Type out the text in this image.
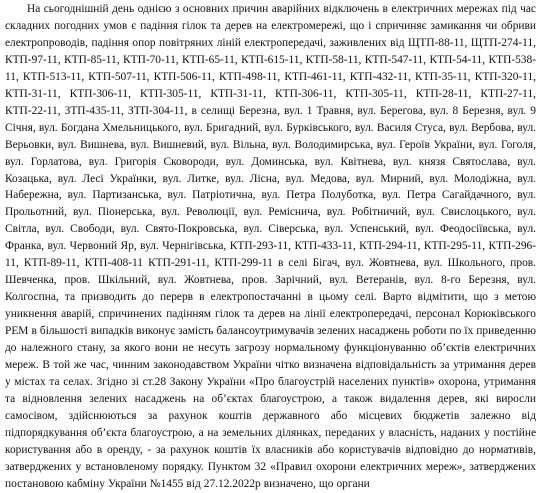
На сьогоднішній день однією з основних причин аварійних відключень в електричних мережах під час складних погодних умов є падіння гілок та дерев на електромережі, що і спричиняє замикання чи обриви електропроводів, падіння опор повітряних ліній електропередачі, заживлених від ЩТП-88-11, ЩТП-274-11, КТП-97-11, КТП-85-11, КТП-70-11, КТП-65-11, КТП-615-11, КТП-58-11, КТП-547-11, КТП-54-11, КТП-538-11, КТП-513-11, КТП-507-11, КТП-506-11, КТП-498-11, КТП-461-11, КТП-432-11, КТП-35-11, КТП-320-11, КТП-31-11, КТП-306-11, КТП-305-11, КТП-31-11, КТП-306-11, КТП-305-11, КТП-28-11, КТП-27-11, КТП-22-11, ЗТП-435-11, ЗТП-304-11, в селищі Березна, вул. 1 Травня, вул. Берегова, вул. 8 Березня, вул. 9 Січня, вул. Богдана Хмельницького, вул. Бригадний, вул. Бурківського, вул. Василя Стуса, вул. Вербова, вул. Верьовки, вул. Вишнева, вул. Вишневий, вул. Вільна, вул. Володимирська, вул. Героїв України, вул. Гоголя, вул. Горлатова, вул. Григорія Сковороди, вул. Доминська, вул. Квітнева, вул. князя Святослава, вул. Козацька, вул. Лесі Українки, вул. Литке, вул. Лісна, вул. Медова, вул. Мирний, вул. Молодіжна, вул. Набережна, вул. Партизанська, вул. Патріотична, вул. Петра Полуботка, вул. Петра Сагайдачного, вул. Прольотний, вул. Піонерська, вул. Революції, вул. Ремісничa, вул. Робітничий, вул. Свислоцького, вул. Світла, вул. Свободи, вул. Свято-Покровська, вул. Сіверська, вул. Успенський, вул. Феодосіївська, вул. Франка, вул. Червоний Яр, вул. Чернігівська, КТП-293-11, КТП-433-11, КТП-294-11, КТП-295-11, КТП-296-11, КТП-89-11, КТП-408-11 КТП-291-11, КТП-299-11 в селі Бігач, вул. Жовтнева, вул. Школьного, пров. Шевченка, пров. Шкільний, вул. Жовтнева, пров. Зарічний, вул. Ветеранів, вул. 8-го Березня, вул. Колгоспна, та призводить до перерв в електропостачанні в цьому селі. Варто відмітити, що з метою уникнення аварій, спричинених падінням гілок та дерев на лінії електропередачі, персонал Корюківського РЕМ в більшості випадків виконує замість балансоутримувачів зелених насаджень роботи по їх приведенню до належного стану, за якого вони не несуть загрозу нормальному функціонуванню об’єктів електричних мереж. В той же час, чинним законодавством України чітко визначена відповідальність за утримання дерев у містах та селах. Згідно зі ст.28 Закону України «Про благоустрій населених пунктів» охорона, утримання та відновлення зелених насаджень на об’єктах благоустрою, а також видалення дерев, які виросли самосівом, здійснюються за рахунок коштів державного або місцевих бюджетів залежно від підпорядкування об’єкта благоустрою, а на земельних ділянках, переданих у власність, наданих у постійне користування або в оренду, - за рахунок коштів їх власників або користувачів відповідно до нормативів, затверджених у встановленому порядку. Пунктом 32 «Правил охорони електричних мереж», затверджених постановою кабміну України №1455 від 27.12.2022р визначено, що органи
